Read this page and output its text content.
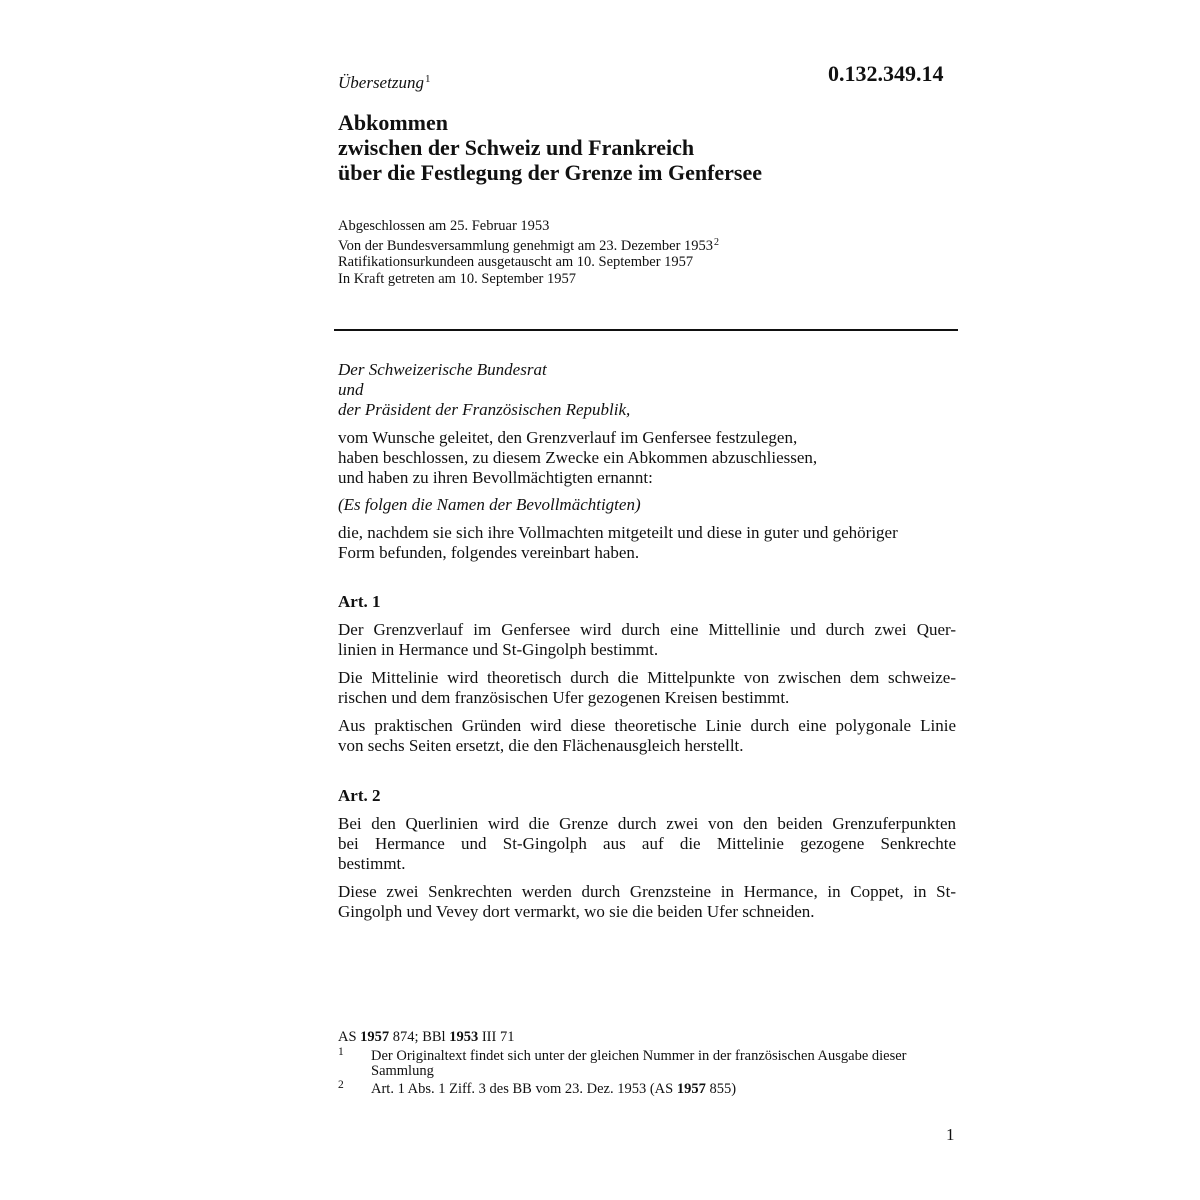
Übersetzung$^1$	0.132.349.14
Abkommen
zwischen der Schweiz und Frankreich
über die Festlegung der Grenze im Genfersee
Abgeschlossen am 25. Februar 1953
Von der Bundesversammlung genehmigt am 23. Dezember 1953$^2$
Ratifikationsurkundeen ausgetauscht am 10. September 1957
In Kraft getreten am 10. September 1957
Der Schweizerische Bundesrat
und
der Präsident der Französischen Republik,
vom Wunsche geleitet, den Grenzverlauf im Genfersee festzulegen,
haben beschlossen, zu diesem Zwecke ein Abkommen abzuschliessen,
und haben zu ihren Bevollmächtigten ernannt:
(Es folgen die Namen der Bevollmächtigten)
die, nachdem sie sich ihre Vollmachten mitgeteilt und diese in guter und gehöriger
Form befunden, folgendes vereinbart haben.
Art. 1
Der Grenzverlauf im Genfersee wird durch eine Mittellinie und durch zwei Quer-
linien in Hermance und St-Gingolph bestimmt.
Die Mittelinie wird theoretisch durch die Mittelpunkte von zwischen dem schweize-
rischen und dem französischen Ufer gezogenen Kreisen bestimmt.
Aus praktischen Gründen wird diese theoretische Linie durch eine polygonale Linie
von sechs Seiten ersetzt, die den Flächenausgleich herstellt.
Art. 2
Bei den Querlinien wird die Grenze durch zwei von den beiden Grenzuferpunkten
bei Hermance und St-Gingolph aus auf die Mittelinie gezogene Senkrechte
bestimmt.
Diese zwei Senkrechten werden durch Grenzsteine in Hermance, in Coppet, in St-
Gingolph und Vevey dort vermarkt, wo sie die beiden Ufer schneiden.
AS 1957 874; BBl 1953 III 71
1 Der Originaltext findet sich unter der gleichen Nummer in der französischen Ausgabe dieser Sammlung
2 Art. 1 Abs. 1 Ziff. 3 des BB vom 23. Dez. 1953 (AS 1957 855)
1
